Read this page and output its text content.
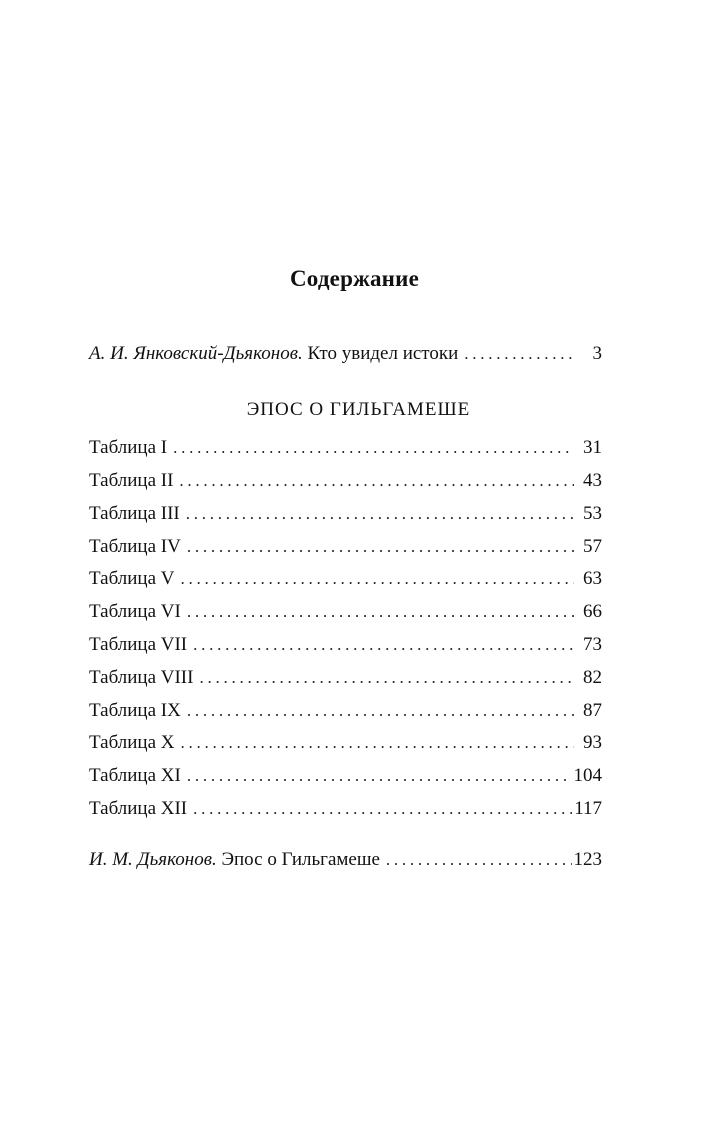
Содержание
А. И. Янковский-Дьяконов. Кто увидел истоки . . .	3
ЭПОС О ГИЛЬГАМЕШЕ
Таблица I . . .	31
Таблица II . . .	43
Таблица III . . .	53
Таблица IV . . .	57
Таблица V . . .	63
Таблица VI . . .	66
Таблица VII . . .	73
Таблица VIII . . .	82
Таблица IX . . .	87
Таблица X . . .	93
Таблица XI . . .	104
Таблица XII . . .	117
И. М. Дьяконов. Эпос о Гильгамеше . . .	123
